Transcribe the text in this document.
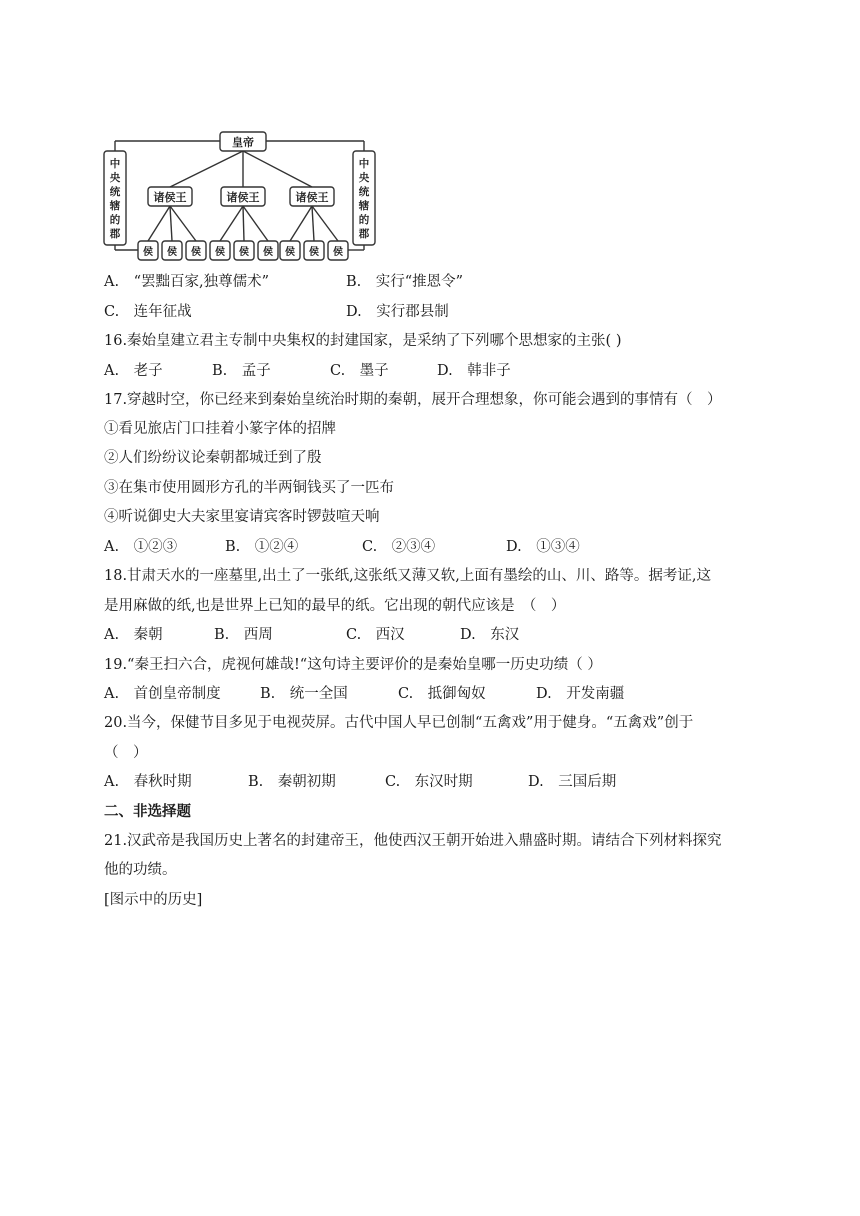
皇帝
诸侯王	诸侯王	诸侯王
侯 侯 侯 侯 侯 侯 侯 侯 侯
中
央
统
辖
的
郡
中
央
统
辖
的
郡
A.　“罢黜百家,独尊儒术”	B.　实行“推恩令”
C.　连年征战	D.　实行郡县制
16.秦始皇建立君主专制中央集权的封建国家，是采纳了下列哪个思想家的主张( )
A.　老子	B.　孟子	C.　墨子	D.　韩非子
17.穿越时空，你已经来到秦始皇统治时期的秦朝，展开合理想象，你可能会遇到的事情有（　）
①看见旅店门口挂着小篆字体的招牌
②人们纷纷议论秦朝都城迁到了殷
③在集市使用圆形方孔的半两铜钱买了一匹布
④听说御史大夫家里宴请宾客时锣鼓喧天响
A.　①②③	B.　①②④	C.　②③④	D.　①③④
18.甘肃天水的一座墓里,出土了一张纸,这张纸又薄又软,上面有墨绘的山、川、路等。据考证,这
是用麻做的纸,也是世界上已知的最早的纸。它出现的朝代应该是　（　）
A.　秦朝	B.　西周	C.　西汉	D.　东汉
19.“秦王扫六合，虎视何雄哉!“这句诗主要评价的是秦始皇哪一历史功绩（ ）
A.　首创皇帝制度	B.　统一全国	C.　抵御匈奴	D.　开发南疆
20.当今，保健节目多见于电视荧屏。古代中国人早已创制“五禽戏”用于健身。“五禽戏”创于
（　）
A.　春秋时期	B.　秦朝初期	C.　东汉时期	D.　三国后期
二、非选择题
21.汉武帝是我国历史上著名的封建帝王，他使西汉王朝开始进入鼎盛时期。请结合下列材料探究
他的功绩。
[图示中的历史]
